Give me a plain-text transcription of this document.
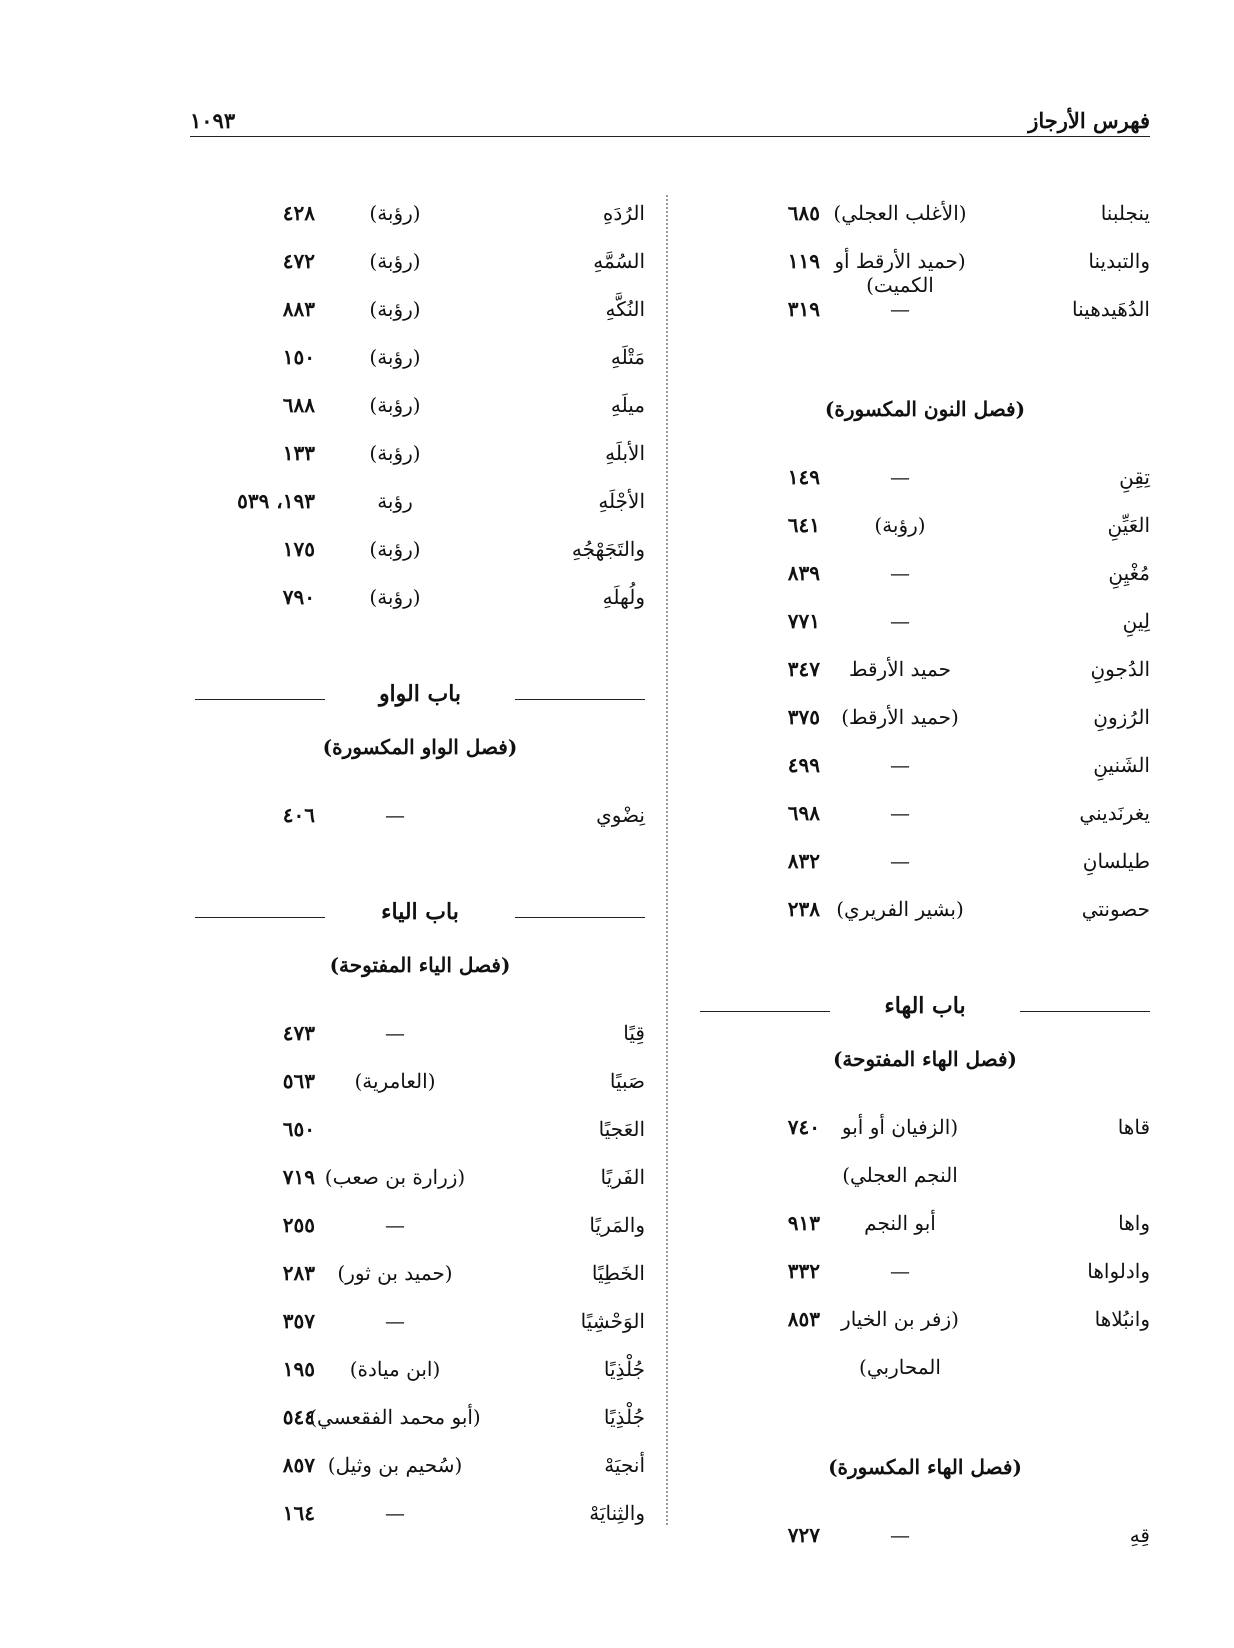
فهرس الأرجاز
١٠٩٣
ينجلبنا
(الأغلب العجلي)
٦٨٥
والتبدينا
(حميد الأرقط أو الكميت)
١١٩
الدُهَيدهينا
—
٣١٩
(فصل النون المكسورة)
تِقِنِ
—
١٤٩
العَيِّنِ
(رؤبة)
٦٤١
مُغْيِنِ
—
٨٣٩
لِينِ
—
٧٧١
الدُجونِ
حميد الأرقط
٣٤٧
الرُزونِ
(حميد الأرقط)
٣٧٥
الشَنينِ
—
٤٩٩
يغرنَديني
—
٦٩٨
طيلسانِ
—
٨٣٢
حصونتي
(بشير الفريري)
٢٣٨
باب الهاء
(فصل الهاء المفتوحة)
قاها
(الزفيان أو أبو
٧٤٠
النجم العجلي)
واها
أبو النجم
٩١٣
وادلواها
—
٣٣٢
وانبُلاها
(زفر بن الخيار
٨٥٣
المحاربي)
(فصل الهاء المكسورة)
قِهِ
—
٧٢٧
الرُدَهِ
(رؤبة)
٤٢٨
السُمَّهِ
(رؤبة)
٤٧٢
النُكَّهِ
(رؤبة)
٨٨٣
مَتْلَهِ
(رؤبة)
١٥٠
ميلَهِ
(رؤبة)
٦٨٨
الأبلَهِ
(رؤبة)
١٣٣
الأجْلَهِ
رؤبة
١٩٣، ٥٣٩
والتَجَهْجُهِ
(رؤبة)
١٧٥
ولُهلَهِ
(رؤبة)
٧٩٠
باب الواو
(فصل الواو المكسورة)
نِضْوي
—
٤٠٦
باب الياء
(فصل الياء المفتوحة)
قِيًا
—
٤٧٣
صَبيًا
(العامرية)
٥٦٣
العَجيًا
٦٥٠
الفَريًا
(زرارة بن صعب)
٧١٩
والمَريًا
—
٢٥٥
الخَطِيًا
(حميد بن ثور)
٢٨٣
الوَحْشِيًا
—
٣٥٧
جُلْذِيًا
(ابن ميادة)
١٩٥
جُلْذِيًا
(أبو محمد الفقعسي)
٥٤٤
أنجيَهْ
(سُحيم بن وثيل)
٨٥٧
والثِنايَهْ
—
١٦٤
